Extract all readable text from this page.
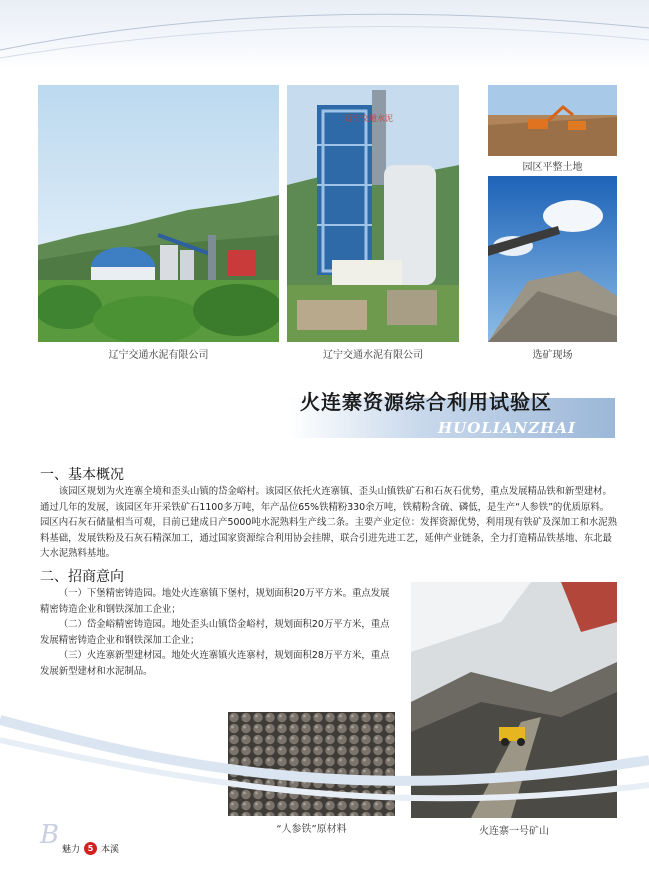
辽宁交通水泥有限公司
辽宁交通水泥
辽宁交通水泥有限公司
园区平整土地
选矿现场
火连寨资源综合利用试验区
HUOLIANZHAI
一、基本概况
该园区规划为火连寨全境和歪头山镇的岱金峪村。该园区依托火连寨镇、歪头山镇铁矿石和石灰石优势，重点发展精品铁和新型建材。通过几年的发展，该园区年开采铁矿石1100多万吨，年产品位65%铁精粉330余万吨，铁精粉含硫、磷低，是生产“人参铁”的优质原料。园区内石灰石储量相当可观，目前已建成日产5000吨水泥熟料生产线二条。主要产业定位：发挥资源优势，利用现有铁矿及深加工和水泥熟料基础，发展铁粉及石灰石精深加工，通过国家资源综合利用协会挂牌，联合引进先进工艺，延伸产业链条，全力打造精品铁基地、东北最大水泥熟料基地。
二、招商意向
（一）下堡精密铸造园。地处火连寨镇下堡村，规划面积20万平方米。重点发展精密铸造企业和钢铁深加工企业；
（二）岱金峪精密铸造园。地处歪头山镇岱金峪村，规划面积20万平方米，重点发展精密铸造企业和钢铁深加工企业；
（三）火连寨新型建材园。地处火连寨镇火连寨村，规划面积28万平方米，重点发展新型建材和水泥制品。
火连寨一号矿山
“人参铁”原材料
B 魅力 5 本溪
